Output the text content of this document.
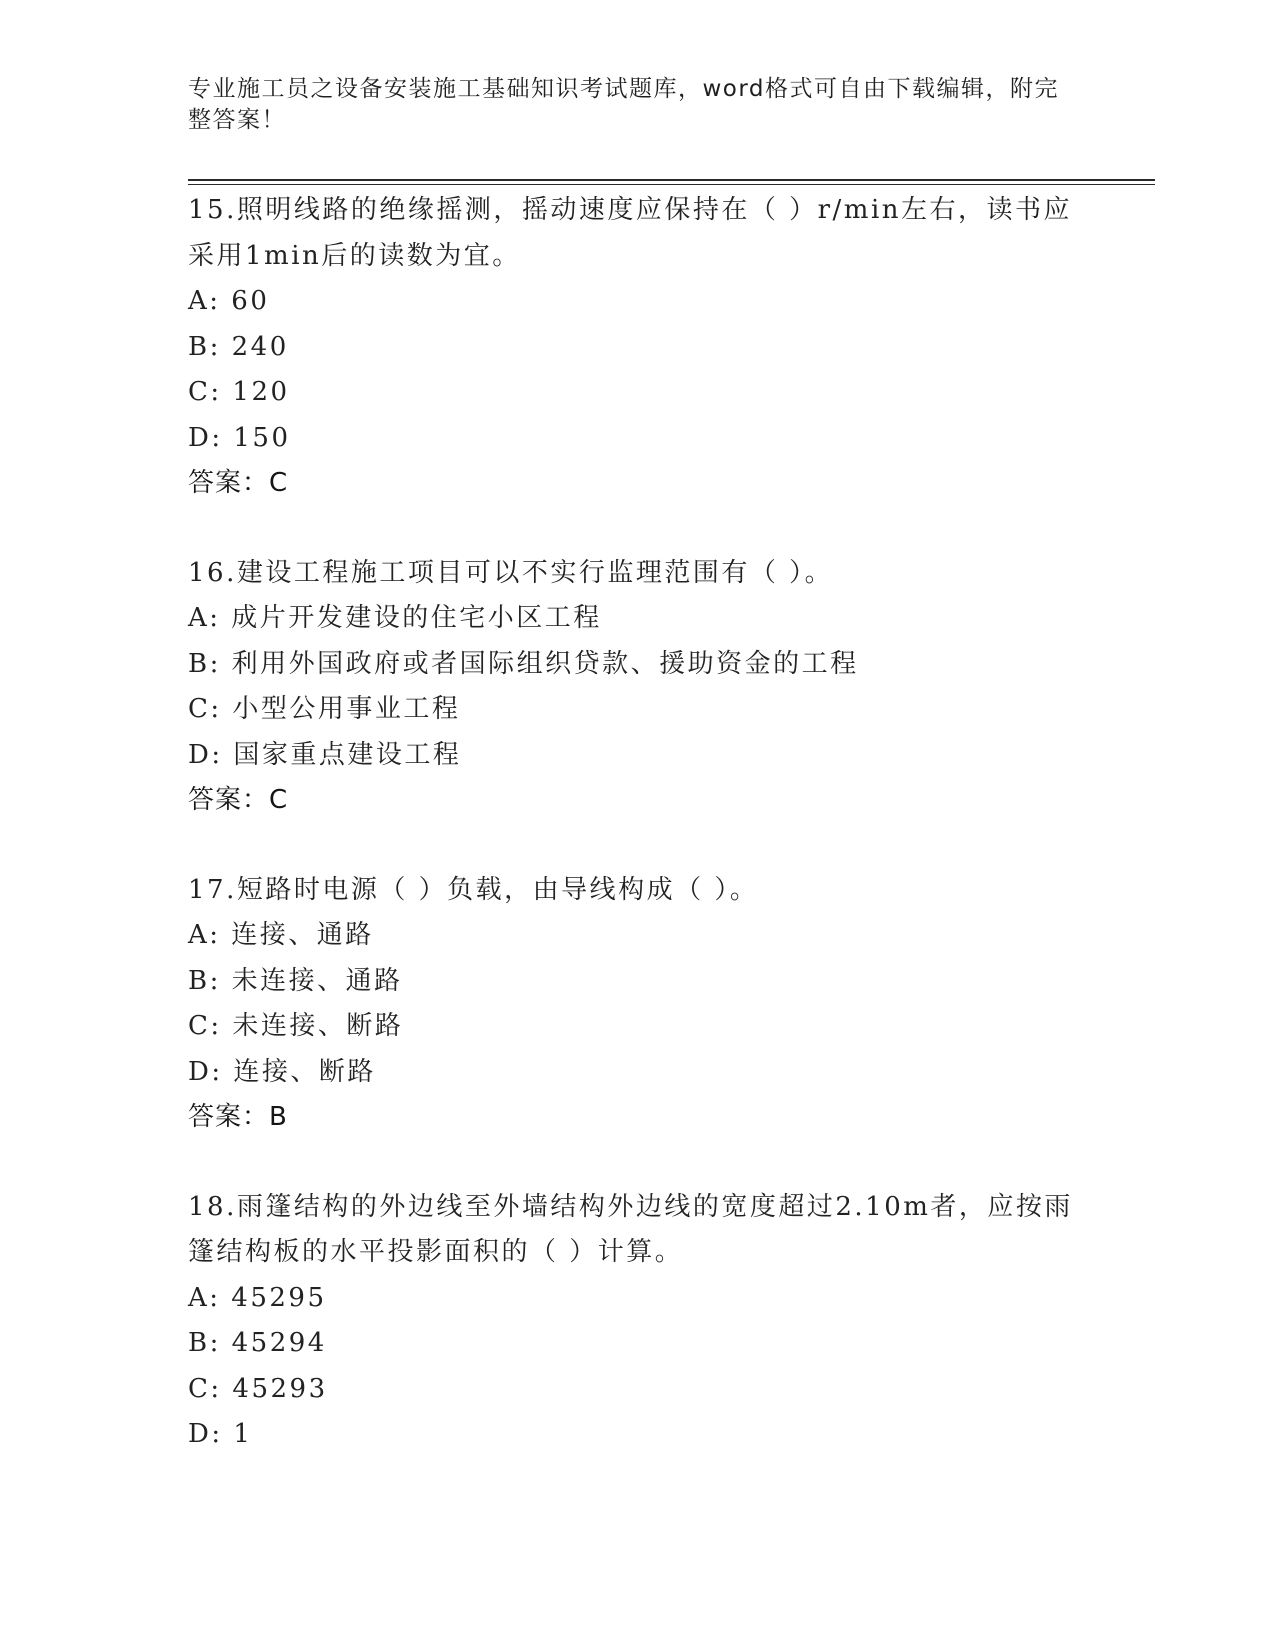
专业施工员之设备安装施工基础知识考试题库，word格式可自由下载编辑，附完整答案！
15.照明线路的绝缘摇测，摇动速度应保持在（ ）r/min左右，读书应采用1min后的读数为宜。
A: 60
B: 240
C: 120
D: 150
答案：C
16.建设工程施工项目可以不实行监理范围有（ ）。
A: 成片开发建设的住宅小区工程
B: 利用外国政府或者国际组织贷款、援助资金的工程
C: 小型公用事业工程
D: 国家重点建设工程
答案：C
17.短路时电源（ ）负载，由导线构成（ ）。
A: 连接、通路
B: 未连接、通路
C: 未连接、断路
D: 连接、断路
答案：B
18.雨篷结构的外边线至外墙结构外边线的宽度超过2.10m者，应按雨篷结构板的水平投影面积的（ ）计算。
A: 45295
B: 45294
C: 45293
D: 1
